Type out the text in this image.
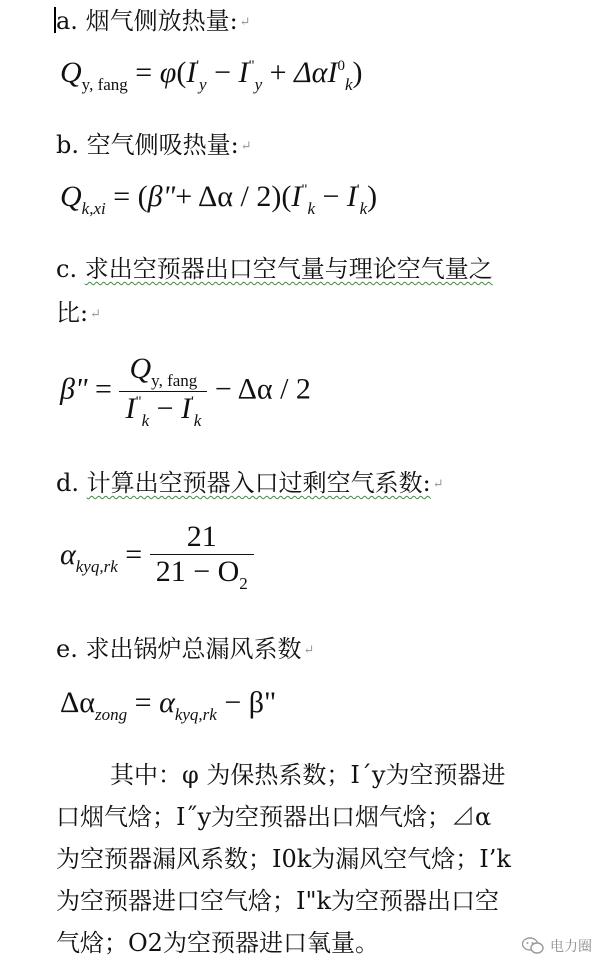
a. 烟气侧放热量: ↵
$Q_{y, fang} = \varphi(I'_y - I^"_y + \Delta\alpha I^0_k)$
b. 空气侧吸热量: ↵
$Q_{k,xi}$ = (β"+ $\Delta\alpha / 2)(I^"_k - I'_k)$
c. 求出空预器出口空气量与理论空气量之
比: ↵
β" = $\frac{Q_{y, fang}}{I^"_k - I'_k} - \Delta\alpha / 2$
d. 计算出空预器入口过剩空气系数: ↵
$\alpha_{kyq,rk} = \frac{21}{21 - O_2}$
e. 求出锅炉总漏风系数 ↵
$\Delta\alpha_{zong} = \alpha_{kyq,rk} - \beta$"
其中：φ 为保热系数；I´y为空预器进
口烟气焓；I˝y为空预器出口烟气焓；⊿α
为空预器漏风系数；I0k为漏风空气焓；I’k
为空预器进口空气焓；I"k为空预器出口空
气焓；O2为空预器进口氧量。	电力圈
